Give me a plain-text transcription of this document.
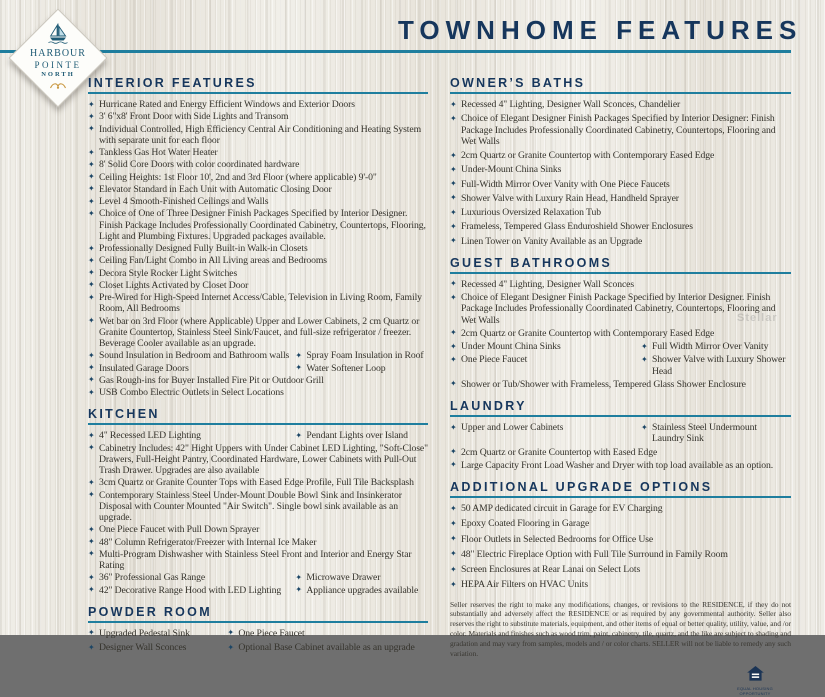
TOWNHOME FEATURES
HARBOUR
POINTE
NORTH
INTERIOR FEATURES
✦ Hurricane Rated and Energy Efficient Windows and Exterior Doors
✦ 3' 6"x8' Front Door with Side Lights and Transom
✦ Individual Controlled, High Efficiency Central Air Conditioning and Heating System with separate unit for each floor
✦ Tankless Gas Hot Water Heater
✦ 8' Solid Core Doors with color coordinated hardware
✦ Ceiling Heights: 1st Floor 10', 2nd and 3rd Floor (where applicable) 9'-0"
✦ Elevator Standard in Each Unit with Automatic Closing Door
✦ Level 4 Smooth-Finished Ceilings and Walls
✦ Choice of One of Three Designer Finish Packages Specified by Interior Designer. Finish Package Includes Professionally Coordinated Cabinetry, Countertops, Flooring, Light and Plumbing Fixtures. Upgraded packages available.
✦ Professionally Designed Fully Built-in Walk-in Closets
✦ Ceiling Fan/Light Combo in All Living areas and Bedrooms
✦ Decora Style Rocker Light Switches
✦ Closet Lights Activated by Closet Door
✦ Pre-Wired for High-Speed Internet Access/Cable, Television in Living Room, Family Room, All Bedrooms
✦ Wet bar on 3rd Floor (where Applicable) Upper and Lower Cabinets, 2 cm Quartz or Granite Countertop, Stainless Steel Sink/Faucet, and full-size refrigerator / freezer. Beverage Cooler available as an upgrade.
✦ Sound Insulation in Bedroom and Bathroom walls ✦ Spray Foam Insulation in Roof
✦ Insulated Garage Doors	✦ Water Softener Loop
✦ Gas Rough-ins for Buyer Installed Fire Pit or Outdoor Grill
✦ USB Combo Electric Outlets in Select Locations
KITCHEN
✦ 4" Recessed LED Lighting	✦ Pendant Lights over Island
✦ Cabinetry Includes: 42" Hight Uppers with Under Cabinet LED Lighting, "Soft-Close" Drawers, Full-Height Pantry, Coordinated Hardware, Lower Cabinets with Pull-Out Trash Drawer. Upgrades are also available
✦ 3cm Quartz or Granite Counter Tops with Eased Edge Profile, Full Tile Backsplash
✦ Contemporary Stainless Steel Under-Mount Double Bowl Sink and Insinkerator Disposal with Counter Mounted "Air Switch". Single bowl sink available as an upgrade.
✦ One Piece Faucet with Pull Down Sprayer
✦ 48" Column Refrigerator/Freezer with Internal Ice Maker
✦ Multi-Program Dishwasher with Stainless Steel Front and Interior and Energy Star Rating
✦ 36" Professional Gas Range	✦ Microwave Drawer
✦ 42" Decorative Range Hood with LED Lighting	✦ Appliance upgrades available
POWDER ROOM
✦ Upgraded Pedestal Sink	✦ One Piece Faucet
✦ Designer Wall Sconces	✦ Optional Base Cabinet available as an upgrade
OWNER’S BATHS
✦ Recessed 4" Lighting, Designer Wall Sconces, Chandelier
✦ Choice of Elegant Designer Finish Packages Specified by Interior Designer: Finish Package Includes Professionally Coordinated Cabinetry, Countertops, Flooring and Wet Walls
✦ 2cm Quartz or Granite Countertop with Contemporary Eased Edge
✦ Under-Mount China Sinks
✦ Full-Width Mirror Over Vanity with One Piece Faucets
✦ Shower Valve with Luxury Rain Head, Handheld Sprayer
✦ Luxurious Oversized Relaxation Tub
✦ Frameless, Tempered Glass Enduroshield Shower Enclosures
✦ Linen Tower on Vanity Available as an Upgrade
GUEST BATHROOMS
✦ Recessed 4" Lighting, Designer Wall Sconces
✦ Choice of Elegant Designer Finish Package Specified by Interior Designer. Finish Package Includes Professionally Coordinated Cabinetry, Countertops, Flooring and Wet Walls
✦ 2cm Quartz or Granite Countertop with Contemporary Eased Edge
✦ Under Mount China Sinks	✦ Full Width Mirror Over Vanity
✦ One Piece Faucet	✦ Shower Valve with Luxury Shower Head
✦ Shower or Tub/Shower with Frameless, Tempered Glass Shower Enclosure
LAUNDRY
✦ Upper and Lower Cabinets	✦ Stainless Steel Undermount Laundry Sink
✦ 2cm Quartz or Granite Countertop with Eased Edge
✦ Large Capacity Front Load Washer and Dryer with top load available as an option.
ADDITIONAL UPGRADE OPTIONS
✦ 50 AMP dedicated circuit in Garage for EV Charging
✦ Epoxy Coated Flooring in Garage
✦ Floor Outlets in Selected Bedrooms for Office Use
✦ 48" Electric Fireplace Option with Full Tile Surround in Family Room
✦ Screen Enclosures at Rear Lanai on Select Lots
✦ HEPA Air Filters on HVAC Units

Seller reserves the right to make any modifications, changes, or revisions to the RESIDENCE, if they do not substantially and adversely affect the RESIDENCE or as required by any governmental authority. Seller also reserves the right to substitute materials, equipment, and other items of equal or better quality, utility, value, and /or color. Materials and finishes such as wood trim, paint, cabinetry, tile, quartz, and the like are subject to shading and gradation and may vary from samples, models and / or color charts. SELLER will not be liable to remedy any such variation.

EQUAL HOUSING OPPORTUNITY
Stellar
